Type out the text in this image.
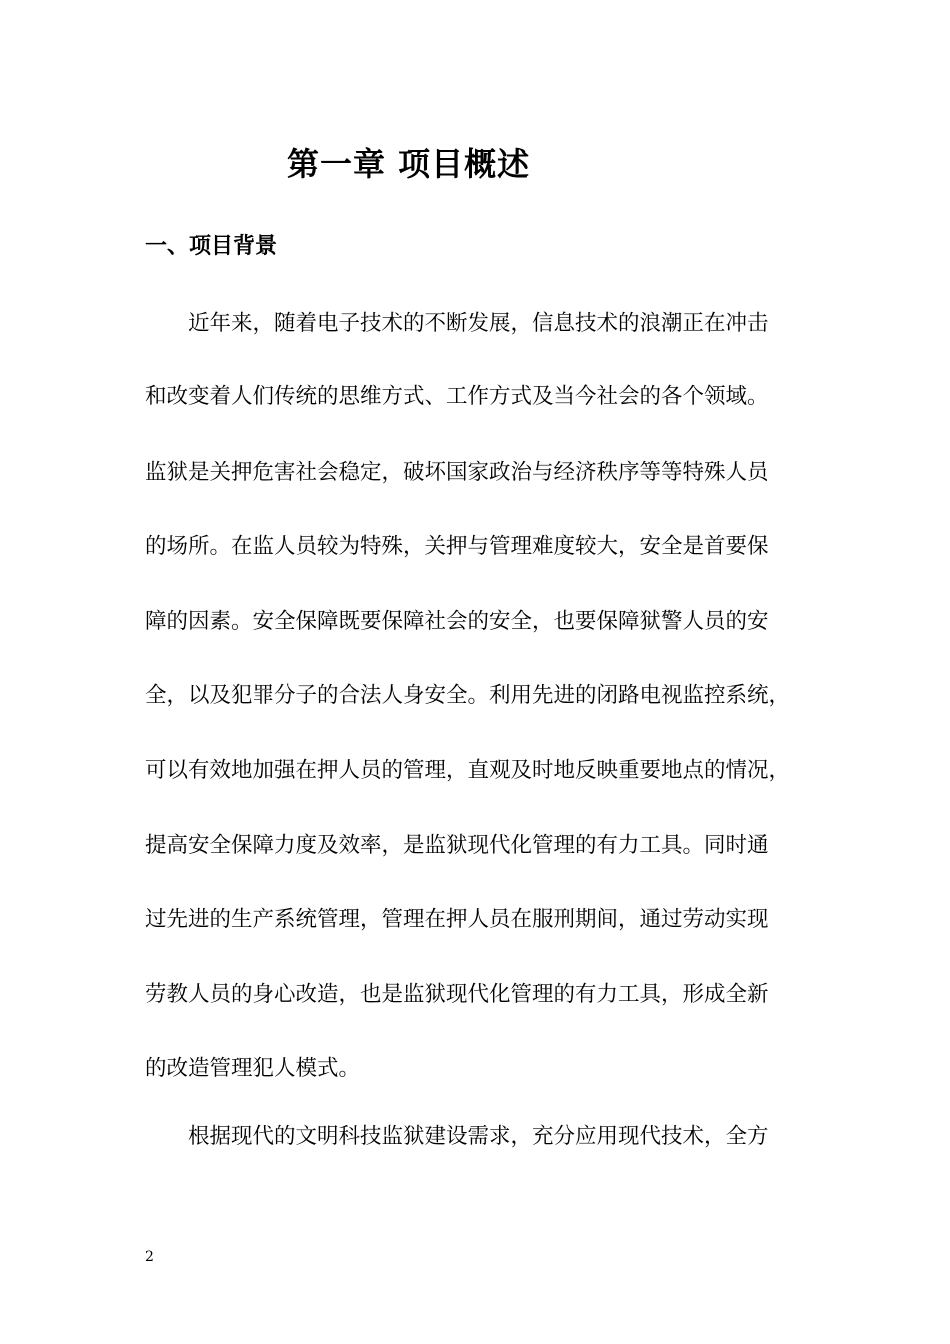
第一章 项目概述
一、项目背景
近年来，随着电子技术的不断发展，信息技术的浪潮正在冲击
和改变着人们传统的思维方式、工作方式及当今社会的各个领域。
监狱是关押危害社会稳定，破坏国家政治与经济秩序等等特殊人员
的场所。在监人员较为特殊，关押与管理难度较大，安全是首要保
障的因素。安全保障既要保障社会的安全，也要保障狱警人员的安
全，以及犯罪分子的合法人身安全。利用先进的闭路电视监控系统，
可以有效地加强在押人员的管理，直观及时地反映重要地点的情况，
提高安全保障力度及效率，是监狱现代化管理的有力工具。同时通
过先进的生产系统管理，管理在押人员在服刑期间，通过劳动实现
劳教人员的身心改造，也是监狱现代化管理的有力工具，形成全新
的改造管理犯人模式。
根据现代的文明科技监狱建设需求，充分应用现代技术，全方
2
